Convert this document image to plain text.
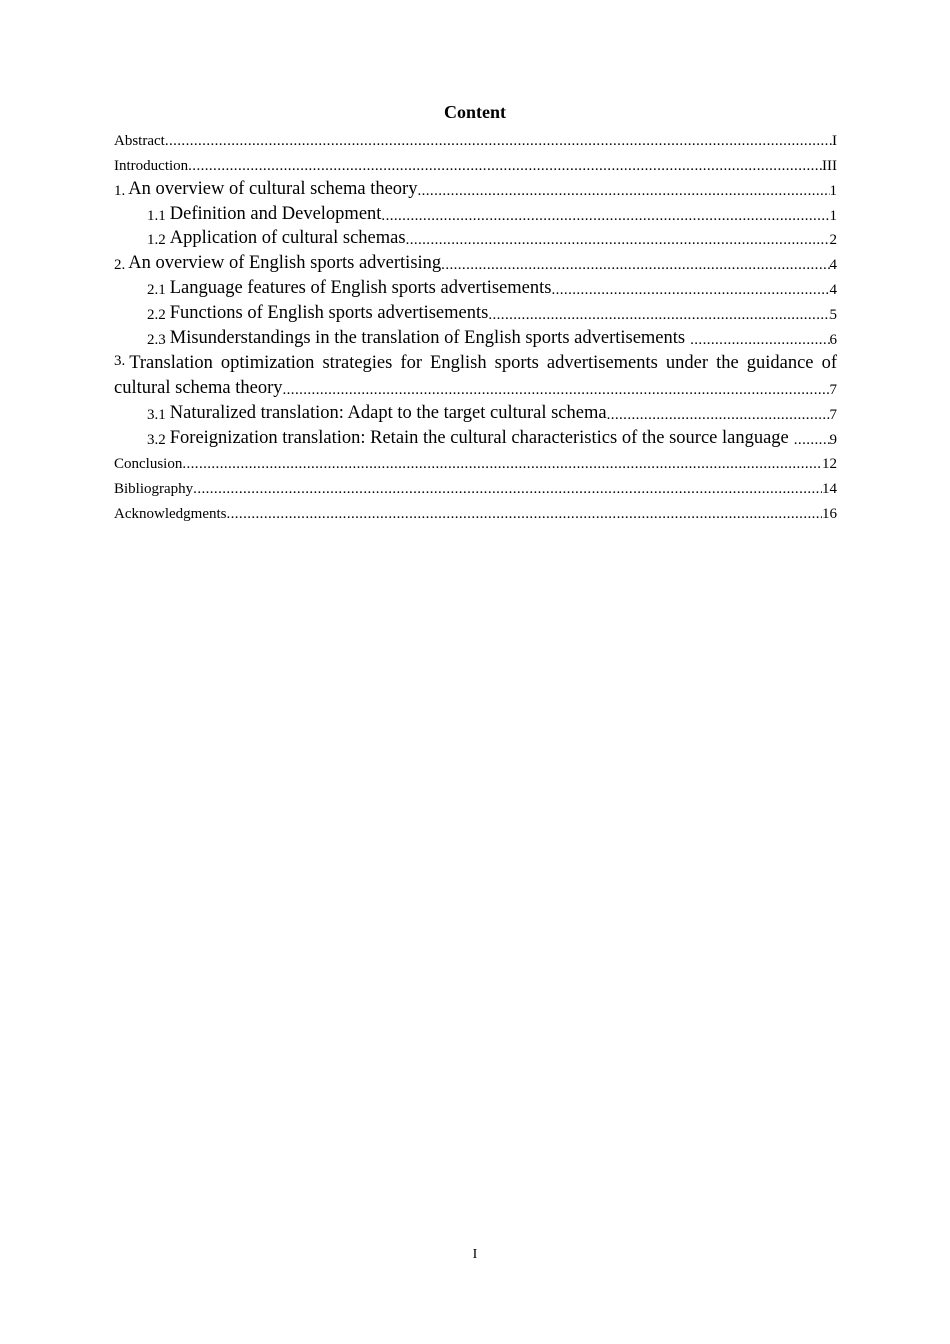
Content
Abstract .....	I
Introduction .....	III
1. An overview of cultural schema theory .....	1
1.1 Definition and Development .....	1
1.2 Application of cultural schemas .....	2
2. An overview of English sports advertising .....	4
2.1 Language features of English sports advertisements .....	4
2.2 Functions of English sports advertisements .....	5
2.3 Misunderstandings in the translation of English sports advertisements .....	6
3. Translation optimization strategies for English sports advertisements under the guidance of
cultural schema theory .....	7
3.1 Naturalized translation: Adapt to the target cultural schema .....	7
3.2 Foreignization translation: Retain the cultural characteristics of the source language .....	9
Conclusion .....	12
Bibliography .....	14
Acknowledgments .....	16
I
